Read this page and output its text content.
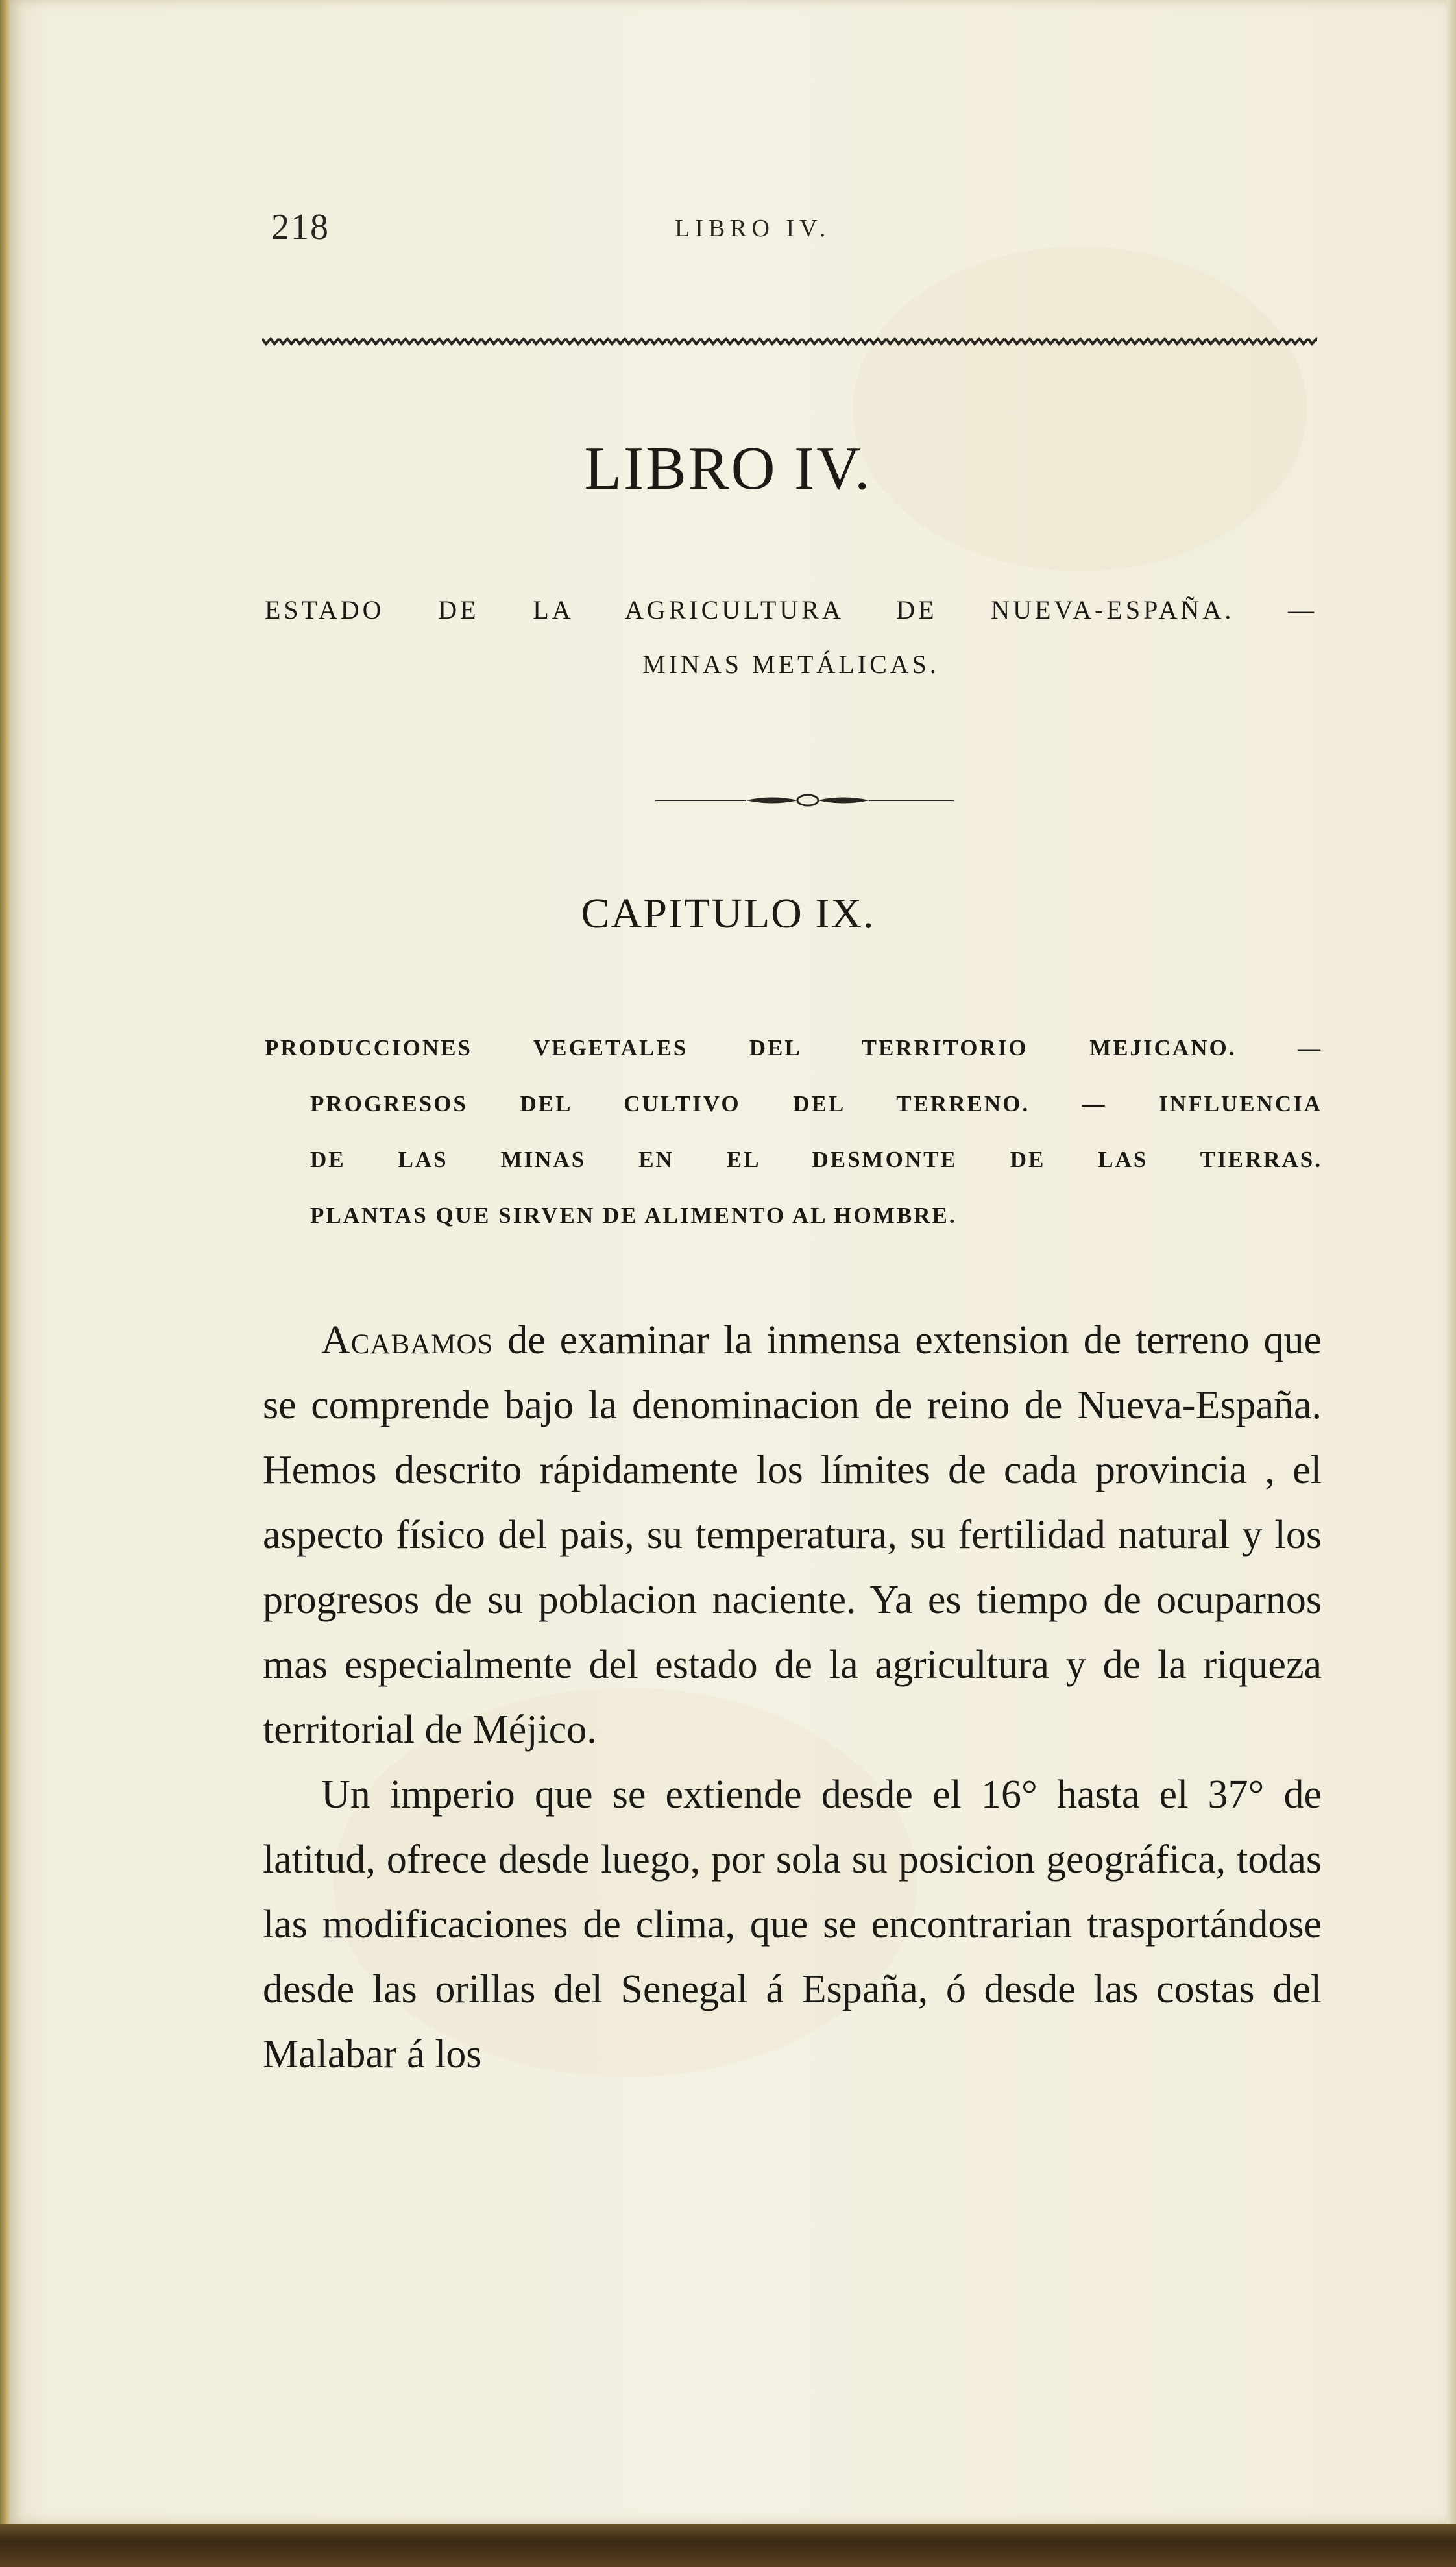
218	LIBRO IV.
LIBRO IV.
ESTADO DE LA AGRICULTURA DE NUEVA-ESPAÑA. —
MINAS METÁLICAS.
CAPITULO IX.
PRODUCCIONES VEGETALES DEL TERRITORIO MEJICANO. —
PROGRESOS DEL CULTIVO DEL TERRENO. — INFLUENCIA
DE LAS MINAS EN EL DESMONTE DE LAS TIERRAS.
PLANTAS QUE SIRVEN DE ALIMENTO AL HOMBRE.

Acabamos de examinar la inmensa extension de terreno que se comprende bajo la denominacion de reino de Nueva-España. Hemos descrito rápidamente los límites de cada provincia , el aspecto físico del pais, su temperatura, su fertilidad natural y los progresos de su poblacion naciente. Ya es tiempo de ocuparnos mas especialmente del estado de la agricultura y de la riqueza territorial de Méjico.

Un imperio que se extiende desde el 16° hasta el 37° de latitud, ofrece desde luego, por sola su posicion geográfica, todas las modificaciones de clima, que se encontrarian trasportándose desde las orillas del Senegal á España, ó desde las costas del Malabar á los
